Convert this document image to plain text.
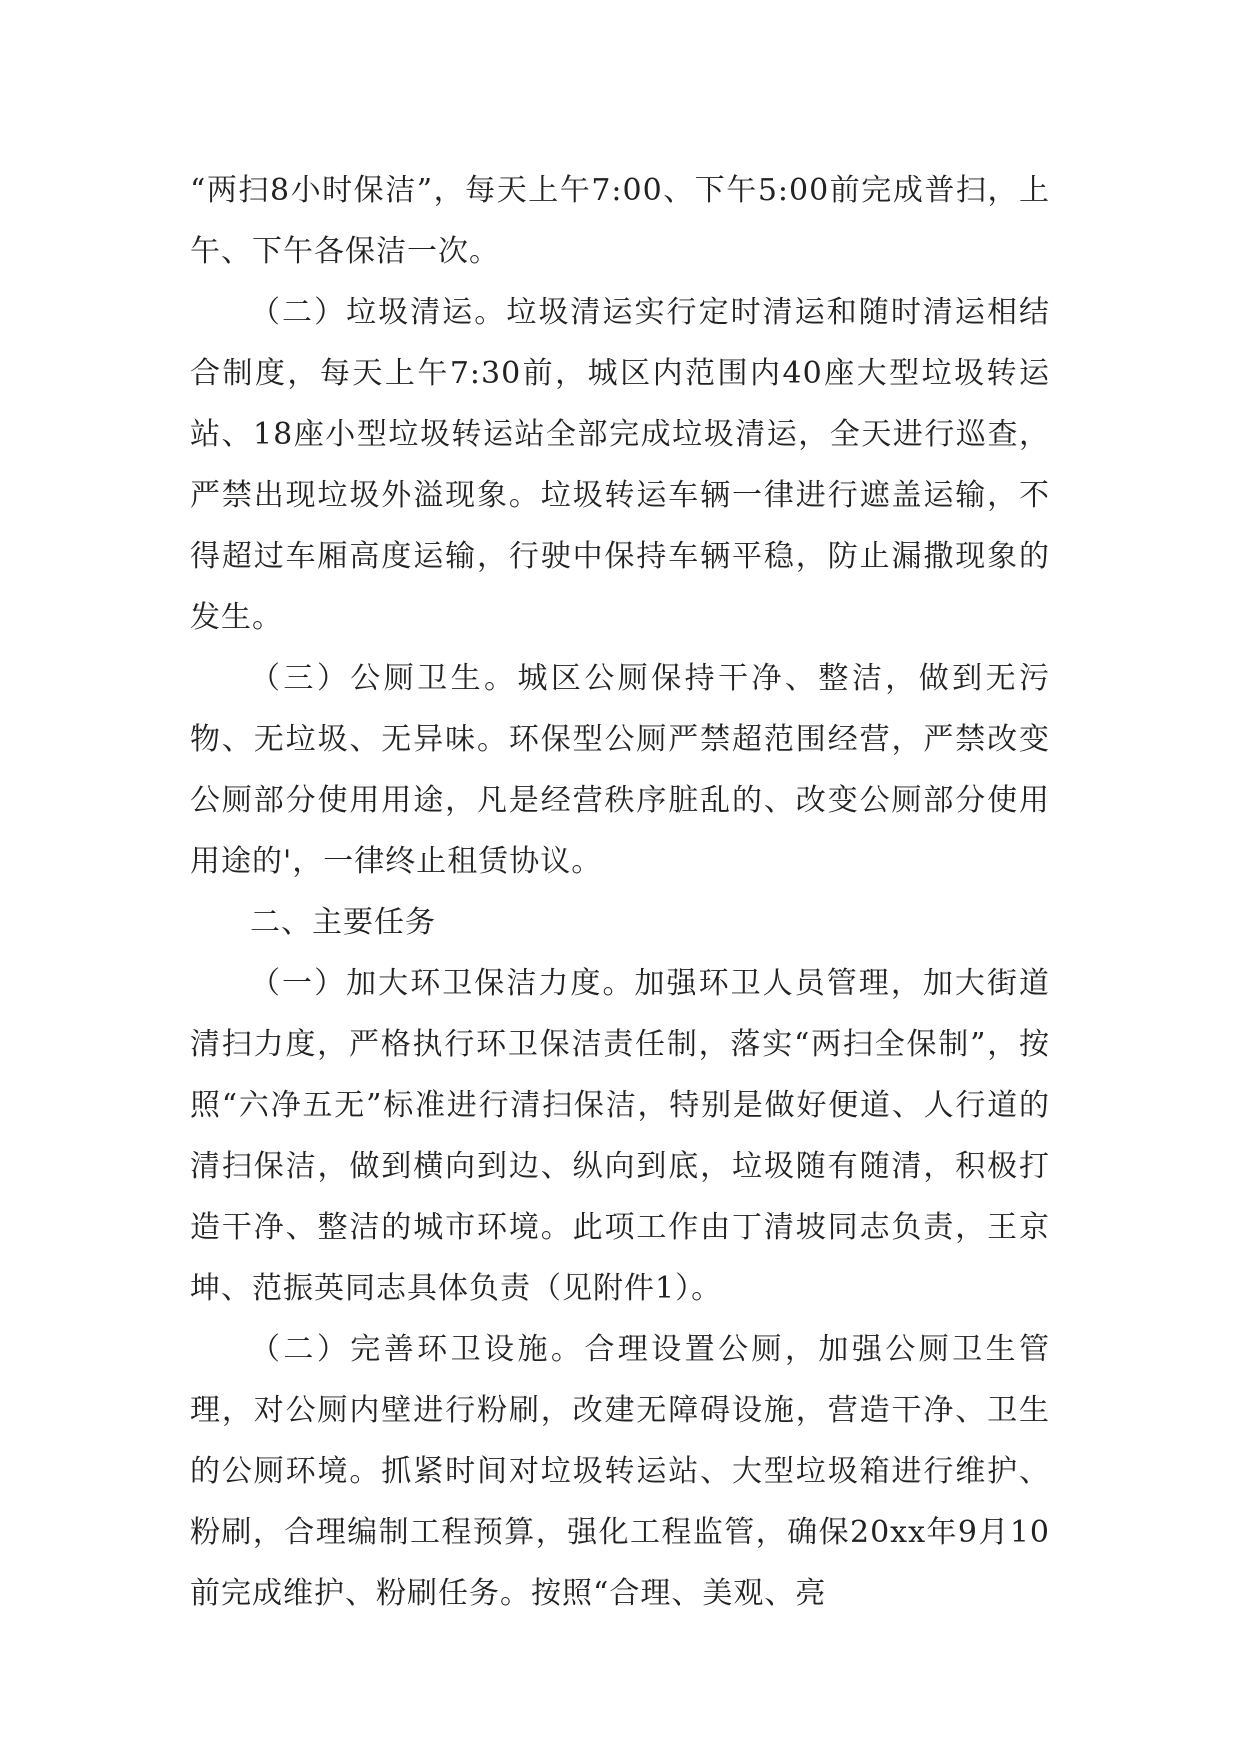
“两扫8小时保洁”，每天上午7:00、下午5:00前完成普扫，上午、下午各保洁一次。

（二）垃圾清运。垃圾清运实行定时清运和随时清运相结合制度，每天上午7:30前，城区内范围内40座大型垃圾转运站、18座小型垃圾转运站全部完成垃圾清运，全天进行巡查，严禁出现垃圾外溢现象。垃圾转运车辆一律进行遮盖运输，不得超过车厢高度运输，行驶中保持车辆平稳，防止漏撒现象的发生。

（三）公厕卫生。城区公厕保持干净、整洁，做到无污物、无垃圾、无异味。环保型公厕严禁超范围经营，严禁改变公厕部分使用用途，凡是经营秩序脏乱的、改变公厕部分使用用途的'，一律终止租赁协议。

二、主要任务

（一）加大环卫保洁力度。加强环卫人员管理，加大街道清扫力度，严格执行环卫保洁责任制，落实“两扫全保制”，按照“六净五无”标准进行清扫保洁，特别是做好便道、人行道的清扫保洁，做到横向到边、纵向到底，垃圾随有随清，积极打造干净、整洁的城市环境。此项工作由丁清坡同志负责，王京坤、范振英同志具体负责（见附件1）。

（二）完善环卫设施。合理设置公厕，加强公厕卫生管理，对公厕内壁进行粉刷，改建无障碍设施，营造干净、卫生的公厕环境。抓紧时间对垃圾转运站、大型垃圾箱进行维护、粉刷，合理编制工程预算，强化工程监管，确保20xx年9月10前完成维护、粉刷任务。按照“合理、美观、亮
